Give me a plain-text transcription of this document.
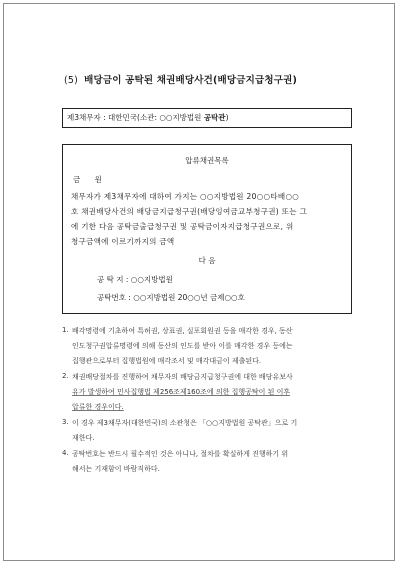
(5) 배당금이 공탁된 채권배당사건(배당금지급청구권)
제3채무자 : 대한민국(소관: ○○지방법원 공탁관)
압류채권목록
금 원
채무자가 제3채무자에 대하여 가지는 ○○지방법원 20○○타배○○
호 채권배당사건의 배당금지급청구권(배당잉여금교부청구권) 또는 그
에 기한 다음 공탁금출급청구권 및 공탁금이자지급청구권으로, 위
청구금액에 이르기까지의 금액
다 음
공 탁 지 : ○○지방법원
공탁번호 : ○○지방법원 20○○년 금제○○호
1. 배각명령에 기초하여 특허권, 상표권, 실포회원권 등을 매각한 경우, 동산
인도청구권압류명령에 의해 동산의 인도를 받아 이를 매각한 경우 등에는
집행관으로부터 집행법원에 매각조서 및 매각대금이 제출된다.
2. 채권배당절차를 진행하여 채무자의 배당금지급청구권에 대한 배당유보사
유가 발생하여 민사집행법 제256조제160조에 의한 집행공탁이 된 이후
압류한 경우이다.
3. 이 경우 제3채무자(대한민국)의 소관청은 「○○지방법원 공탁관」으로 기
재한다.
4. 공탁번호는 반드시 필수적인 것은 아니나, 절차를 확실하게 진행하기 위
해서는 기재함이 바람직하다.
